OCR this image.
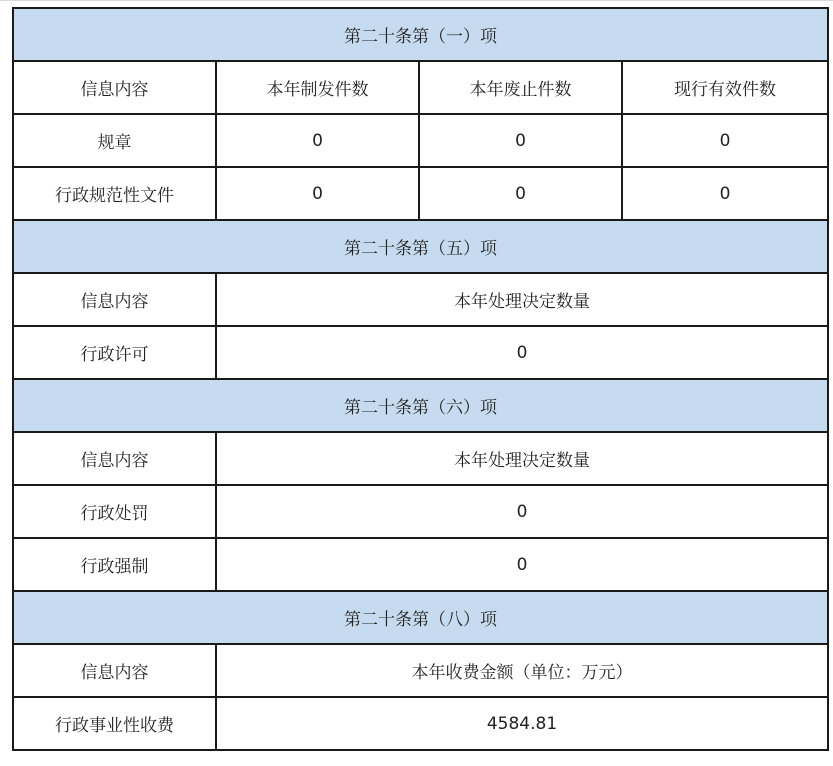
第二十条第（一）项			
信息内容	本年制发件数	本年废止件数	现行有效件数
规章	0	0	0
行政规范性文件	0	0	0
第二十条第（五）项			
信息内容	本年处理决定数量		
行政许可	0		
第二十条第（六）项			
信息内容	本年处理决定数量		
行政处罚	0		
行政强制	0		
第二十条第（八）项			
信息内容	本年收费金额（单位：万元）		
行政事业性收费	4584.81		
